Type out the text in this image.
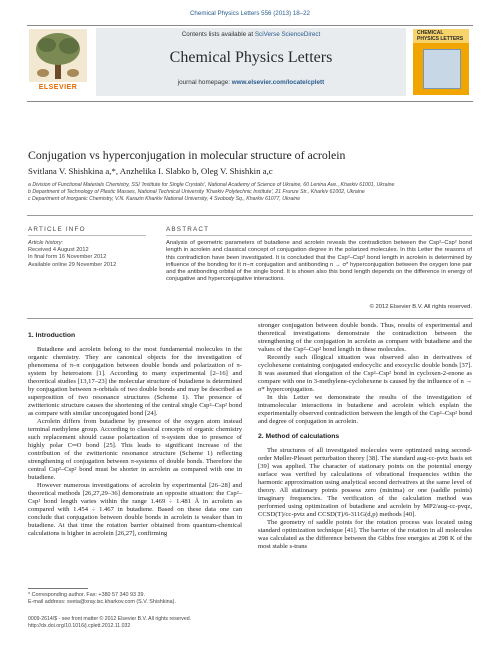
Chemical Physics Letters 556 (2013) 18–22
ELSEVIER
Contents lists available at SciVerse ScienceDirect
Chemical Physics Letters
journal homepage: www.elsevier.com/locate/cplett
CHEMICAL PHYSICS LETTERS
Conjugation vs hyperconjugation in molecular structure of acrolein
Svitlana V. Shishkina a,*, Anzhelika I. Slabko b, Oleg V. Shishkin a,c
a Division of Functional Materials Chemistry, SSI 'Institute for Single Crystals', National Academy of Science of Ukraine, 60 Lenina Ave., Kharkiv 61001, Ukraine
b Department of Technology of Plastic Masses, National Technical University 'Kharkiv Polytechnic Institute', 21 Frunze Str., Kharkiv 61002, Ukraine
c Department of Inorganic Chemistry, V.N. Karazin Kharkiv National University, 4 Svobody Sq., Kharkiv 61077, Ukraine
ARTICLE INFO	ABSTRACT
Article history:
Received 4 August 2012
In final form 16 November 2012
Available online 29 November 2012
Analysis of geometric parameters of butadiene and acrolein reveals the contradiction between the Csp²–Csp² bond length in acrolein and classical concept of conjugation degree in the polarized molecules. In this Letter the reasons of this contradiction have been investigated. It is concluded that the Csp²–Csp² bond length in acrolein is determined by influence of the bonding for it π–π conjugation and antibonding n → σ* hyperconjugation between the oxygen lone pair and the antibonding orbital of the single bond. It is shown also this bond length depends on the difference in energy of conjugative and hyperconjugative interactions.
© 2012 Elsevier B.V. All rights reserved.

1. Introduction

Butadiene and acrolein belong to the most fundamental molecules in the organic chemistry. They are canonical objects for the investigation of phenomena of π–π conjugation between double bonds and polarization of π-system by heteroatom [1]. According to many experimental [2–16] and theoretical studies [13,17–23] the molecular structure of butadiene is determined by conjugation between π-orbitals of two double bonds and may be described as superposition of two resonance structures (Scheme 1). The presence of zwitterionic structure causes the shortening of the central single Csp²–Csp² bond as compare with similar unconjugated bond [24].

Acrolein differs from butadiene by presence of the oxygen atom instead terminal methylene group. According to classical concepts of organic chemistry such replacement should cause polarization of π-system due to presence of highly polar C═O bond [25]. This leads to significant increase of the contribution of the zwitterionic resonance structure (Scheme 1) reflecting strengthening of conjugation between π-systems of double bonds. Therefore the central Csp²–Csp² bond must be shorter in acrolein as compared with one in butadiene.

However numerous investigations of acrolein by experimental [26–28] and theoretical methods [26,27,29–36] demonstrate an opposite situation: the Csp²–Csp² bond length varies within the range 1.469 ÷ 1.481 Å in acrolein as compared with 1.454 ÷ 1.467 in butadiene. Based on these data one can conclude that conjugation between double bonds in acrolein is weaker than in butadiene. At that time the rotation barrier obtained from quantum-chemical calculations is higher in acrolein [26,27], confirming

stronger conjugation between double bonds. Thus, results of experimental and theoretical investigations demonstrate the contradiction between the strengthening of the conjugation in acrolein as compare with butadiene and the values of the Csp²–Csp² bond length in these molecules.

Recently such illogical situation was observed also in derivatives of cyclohexene containing conjugated endocyclic and exocyclic double bonds [37]. It was assumed that elongation of the Csp²–Csp² bond in cycloxen-2-enone as compare with one in 3-methylene-cyclohexene is caused by the influence of n → σ* hyperconjugation.

In this Letter we demonstrate the results of the investigation of intramolecular interactions in butadiene and acrolein which explain the experimentally observed contradiction between the length of the Csp²–Csp² bond and degree of conjugation in acrolein.

2. Method of calculations

The structures of all investigated molecules were optimized using second-order Møller-Plesset perturbation theory [38]. The standard aug-cc-pvtz basis set [39] was applied. The character of stationary points on the potential energy surface was verified by calculations of vibrational frequencies within the harmonic approximation using analytical second derivatives at the same level of theory. All stationary points possess zero (minima) or one (saddle points) imaginary frequencies. The verification of the calculation method was performed using optimization of butadiene and acrolein by MP2/aug-cc-pvqz, CCSD(T)/cc-pvtz and CCSD(T)/6-311G(d,p) methods [40].

The geometry of saddle points for the rotation process was located using standard optimization technique [41]. The barrier of the rotation in all molecules was calculated as the difference between the Gibbs free energies at 298 K of the most stable s-trans

* Corresponding author. Fax: +380 57 340 93 39.
E-mail address: sveta@xray.isc.kharkov.com (S.V. Shishkina).
0009-2614/$ - see front matter © 2012 Elsevier B.V. All rights reserved.
http://dx.doi.org/10.1016/j.cplett.2012.11.032
